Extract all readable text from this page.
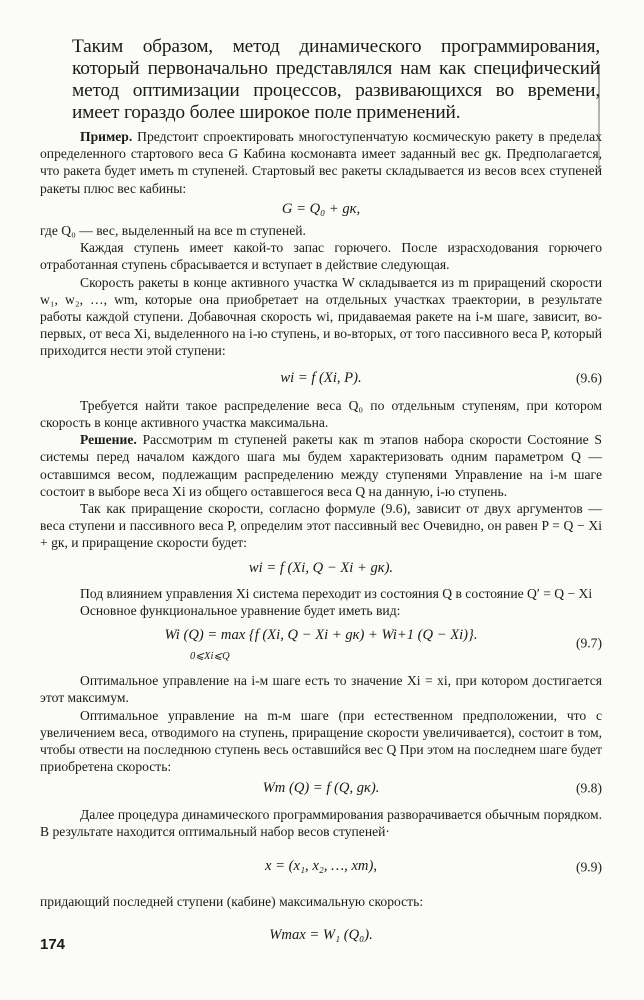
Таким образом, метод динамического программирования, который первоначально представлялся нам как специфический метод оптимизации процессов, развивающихся во времени, имеет гораздо более широкое поле применений.

Пример. Предстоит спроектировать многоступенчатую космическую ракету в пределах определенного стартового веса G Кабина космонавта имеет заданный вес gк. Предполагается, что ракета будет иметь m ступеней. Стартовый вес ракеты складывается из весов всех ступеней ракеты плюс вес кабины:

G = Q₀ + gк,

где Q₀ — вес, выделенный на все m ступеней.

Каждая ступень имеет какой-то запас горючего. После израсходования горючего отработанная ступень сбрасывается и вступает в действие следующая.

Скорость ракеты в конце активного участка W складывается из m приращений скорости w₁, w₂, …, wm, которые она приобретает на отдельных участках траектории, в результате работы каждой ступени. Добавочная скорость wi, придаваемая ракете на i-м шаге, зависит, во-первых, от веса Xi, выделенного на i-ю ступень, и во-вторых, от того пассивного веса P, который приходится нести этой ступени:

wi = f (Xi, P).	(9.6)

Требуется найти такое распределение веса Q₀ по отдельным ступеням, при котором скорость в конце активного участка максимальна.

Решение. Рассмотрим m ступеней ракеты как m этапов набора скорости Состояние S системы перед началом каждого шага мы будем характеризовать одним параметром Q — оставшимся весом, подлежащим распределению между ступенями Управление на i-м шаге состоит в выборе веса Xi из общего оставшегося веса Q на данную, i-ю ступень.

Так как приращение скорости, согласно формуле (9.6), зависит от двух аргументов — веса ступени и пассивного веса P, определим этот пассивный вес Очевидно, он равен P = Q − Xi + gк, и приращение скорости будет:

wi = f (Xi, Q − Xi + gк).

Под влиянием управления Xi система переходит из состояния Q в состояние Q′ = Q − Xi

Основное функциональное уравнение будет иметь вид:

Wi (Q) = max {f (Xi, Q − Xi + gк) + Wi+1 (Q − Xi)}.
0⩽Xi⩽Q
(9.7)

Оптимальное управление на i-м шаге есть то значение Xi = xi, при котором достигается этот максимум.

Оптимальное управление на m-м шаге (при естественном предположении, что с увеличением веса, отводимого на ступень, приращение скорости увеличивается), состоит в том, чтобы отвести на последнюю ступень весь оставшийся вес Q При этом на последнем шаге будет приобретена скорость:

Wm (Q) = f (Q, gк).	(9.8)

Далее процедура динамического программирования разворачивается обычным порядком. В результате находится оптимальный набор весов ступеней·

x = (x₁, x₂, …, xm),	(9.9)

придающий последней ступени (кабине) максимальную скорость:

Wmax = W₁ (Q₀).
174
